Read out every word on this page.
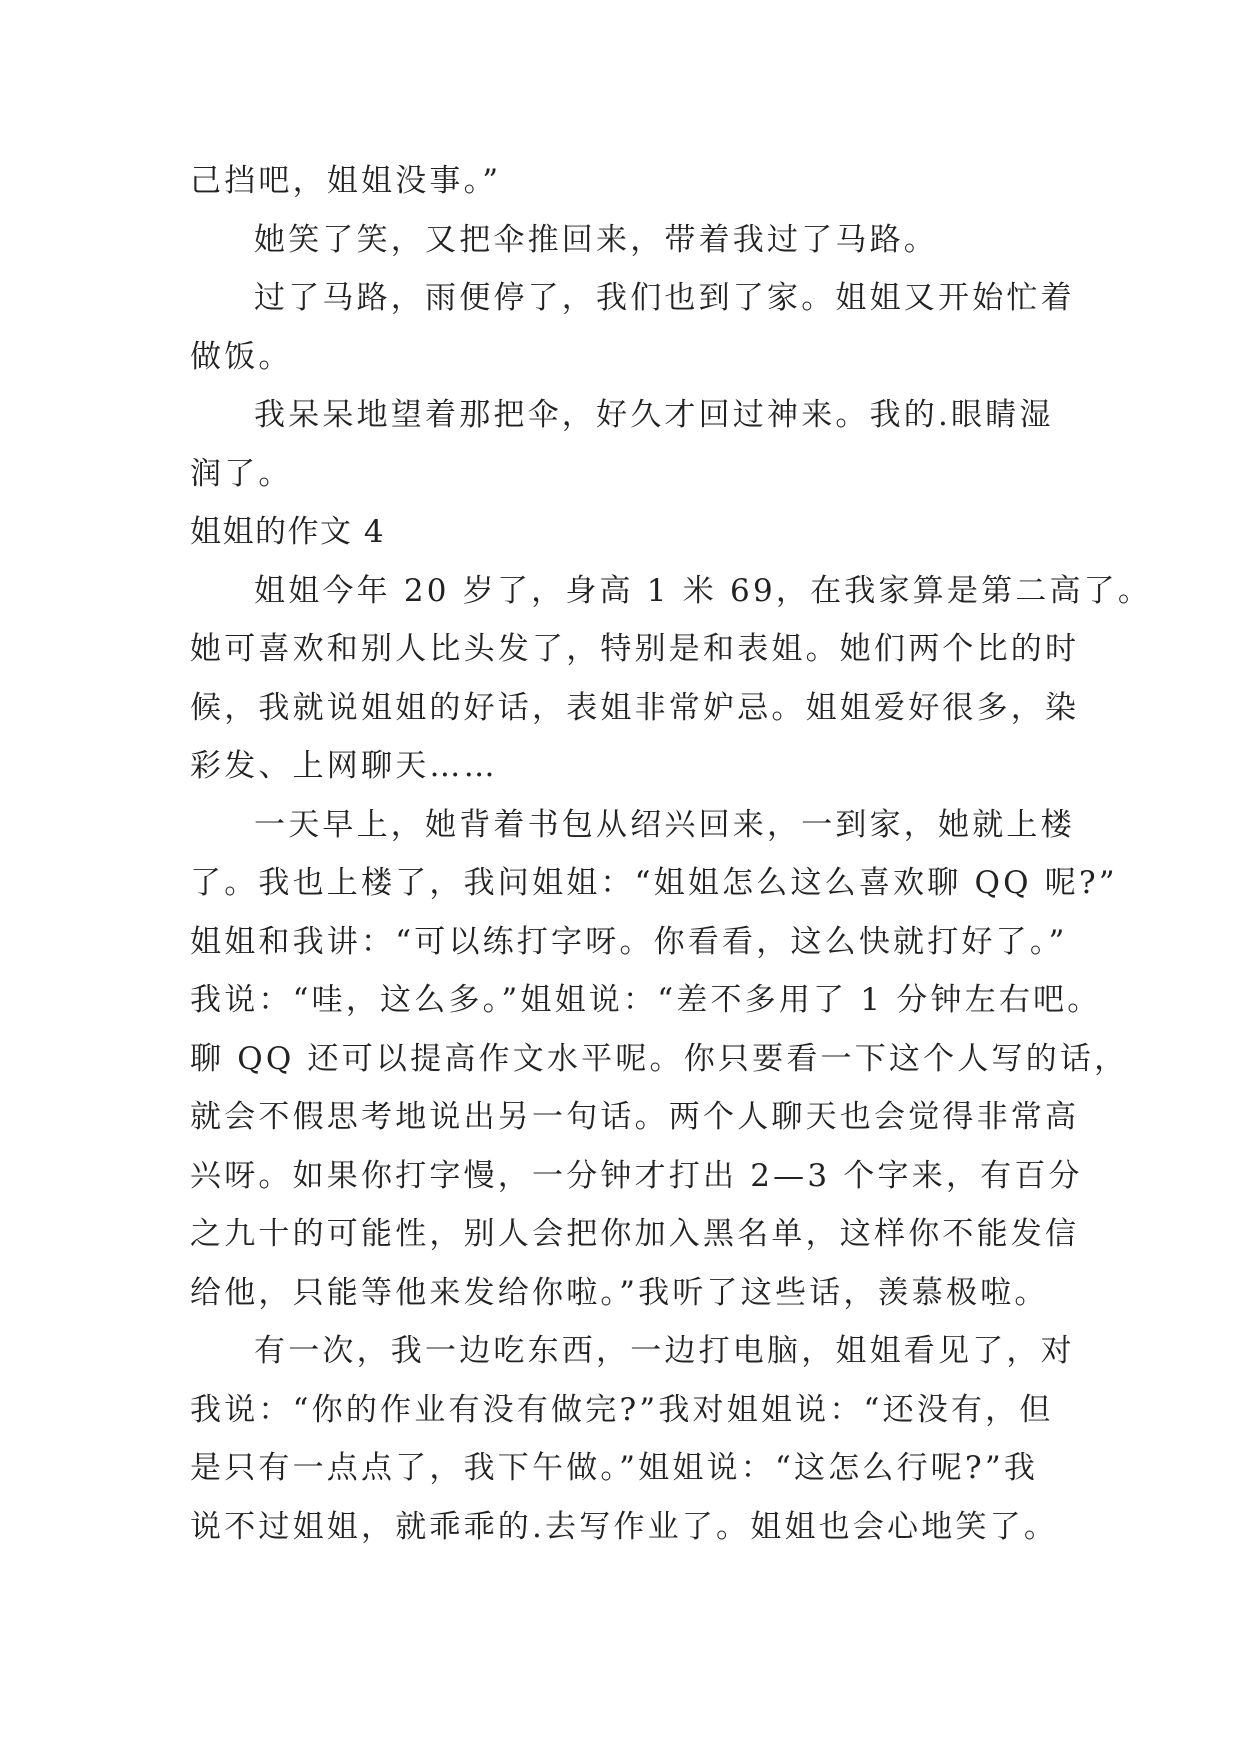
己挡吧，姐姐没事。”
她笑了笑，又把伞推回来，带着我过了马路。
过了马路，雨便停了，我们也到了家。姐姐又开始忙着
做饭。
我呆呆地望着那把伞，好久才回过神来。我的.眼睛湿
润了。
姐姐的作文 4
姐姐今年 20 岁了，身高 1 米 69，在我家算是第二高了。
她可喜欢和别人比头发了，特别是和表姐。她们两个比的时
候，我就说姐姐的好话，表姐非常妒忌。姐姐爱好很多，染
彩发、上网聊天……
一天早上，她背着书包从绍兴回来，一到家，她就上楼
了。我也上楼了，我问姐姐：“姐姐怎么这么喜欢聊 QQ 呢?”
姐姐和我讲：“可以练打字呀。你看看，这么快就打好了。”
我说：“哇，这么多。”姐姐说：“差不多用了 1 分钟左右吧。
聊 QQ 还可以提高作文水平呢。你只要看一下这个人写的话，
就会不假思考地说出另一句话。两个人聊天也会觉得非常高
兴呀。如果你打字慢，一分钟才打出 2—3 个字来，有百分
之九十的可能性，别人会把你加入黑名单，这样你不能发信
给他，只能等他来发给你啦。”我听了这些话，羡慕极啦。
有一次，我一边吃东西，一边打电脑，姐姐看见了，对
我说：“你的作业有没有做完?”我对姐姐说：“还没有，但
是只有一点点了，我下午做。”姐姐说：“这怎么行呢?”我
说不过姐姐，就乖乖的.去写作业了。姐姐也会心地笑了。
